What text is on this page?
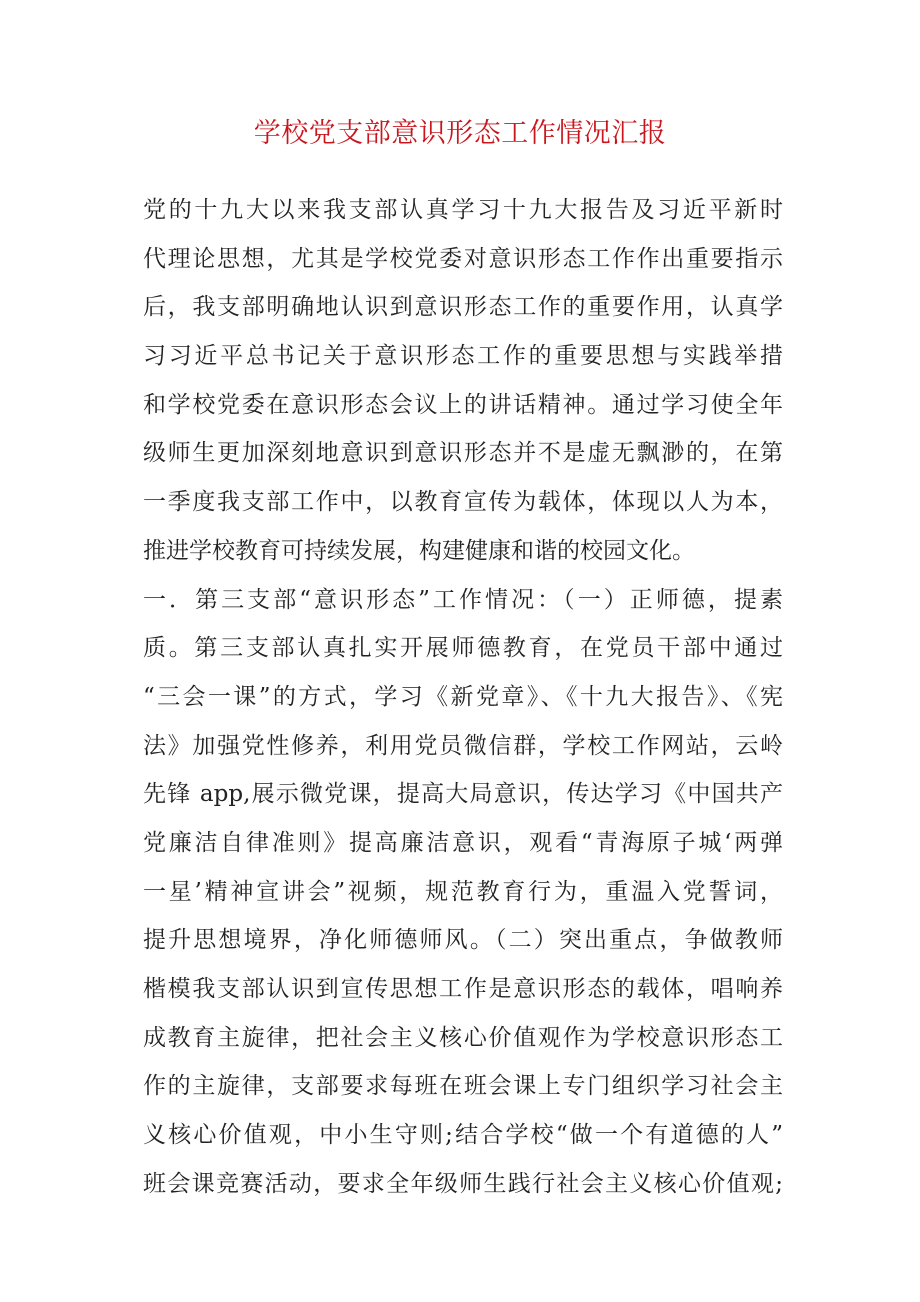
学校党支部意识形态工作情况汇报
党的十九大以来我支部认真学习十九大报告及习近平新时
代理论思想，尤其是学校党委对意识形态工作作出重要指示
后，我支部明确地认识到意识形态工作的重要作用，认真学
习习近平总书记关于意识形态工作的重要思想与实践举措
和学校党委在意识形态会议上的讲话精神。通过学习使全年
级师生更加深刻地意识到意识形态并不是虚无飘渺的，在第
一季度我支部工作中，以教育宣传为载体，体现以人为本，
推进学校教育可持续发展，构建健康和谐的校园文化。
一．第三支部“意识形态”工作情况：（一）正师德，提素
质。第三支部认真扎实开展师德教育，在党员干部中通过
“三会一课”的方式，学习《新党章》、《十九大报告》、《宪
法》加强党性修养，利用党员微信群，学校工作网站，云岭
先锋 app,展示微党课，提高大局意识，传达学习《中国共产
党廉洁自律准则》提高廉洁意识，观看“青海原子城‘两弹
一星’精神宣讲会”视频，规范教育行为，重温入党誓词，
提升思想境界，净化师德师风。（二）突出重点，争做教师
楷模我支部认识到宣传思想工作是意识形态的载体，唱响养
成教育主旋律，把社会主义核心价值观作为学校意识形态工
作的主旋律，支部要求每班在班会课上专门组织学习社会主
义核心价值观，中小生守则;结合学校“做一个有道德的人”
班会课竞赛活动，要求全年级师生践行社会主义核心价值观;
